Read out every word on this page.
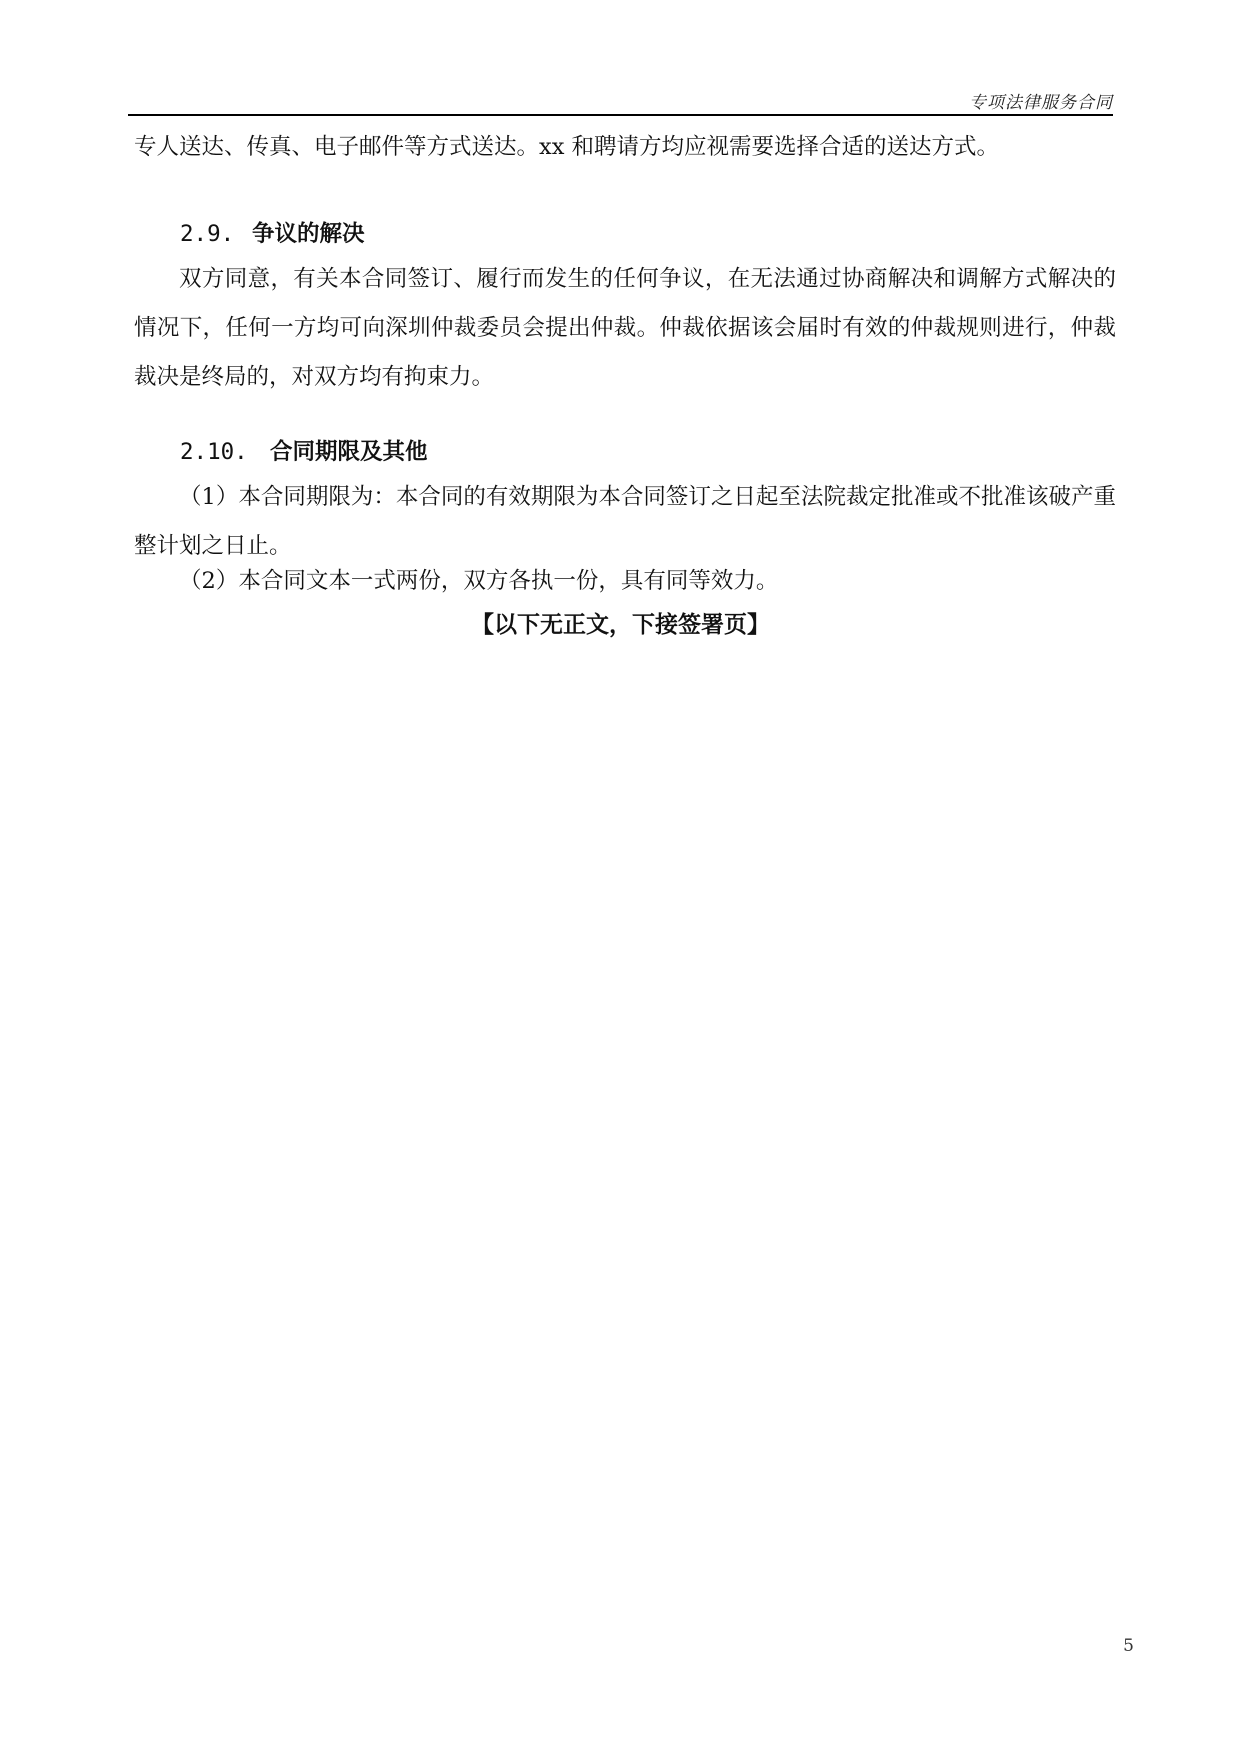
专项法律服务合同

专人送达、传真、电子邮件等方式送达。xx 和聘请方均应视需要选择合适的送达方式。

2.9. 争议的解决

双方同意，有关本合同签订、履行而发生的任何争议，在无法通过协商解决和调解方式解决的情况下，任何一方均可向深圳仲裁委员会提出仲裁。仲裁依据该会届时有效的仲裁规则进行，仲裁裁决是终局的，对双方均有拘束力。

2.10. 合同期限及其他

（1）本合同期限为：本合同的有效期限为本合同签订之日起至法院裁定批准或不批准该破产重整计划之日止。

（2）本合同文本一式两份，双方各执一份，具有同等效力。

【以下无正文，下接签署页】
5
